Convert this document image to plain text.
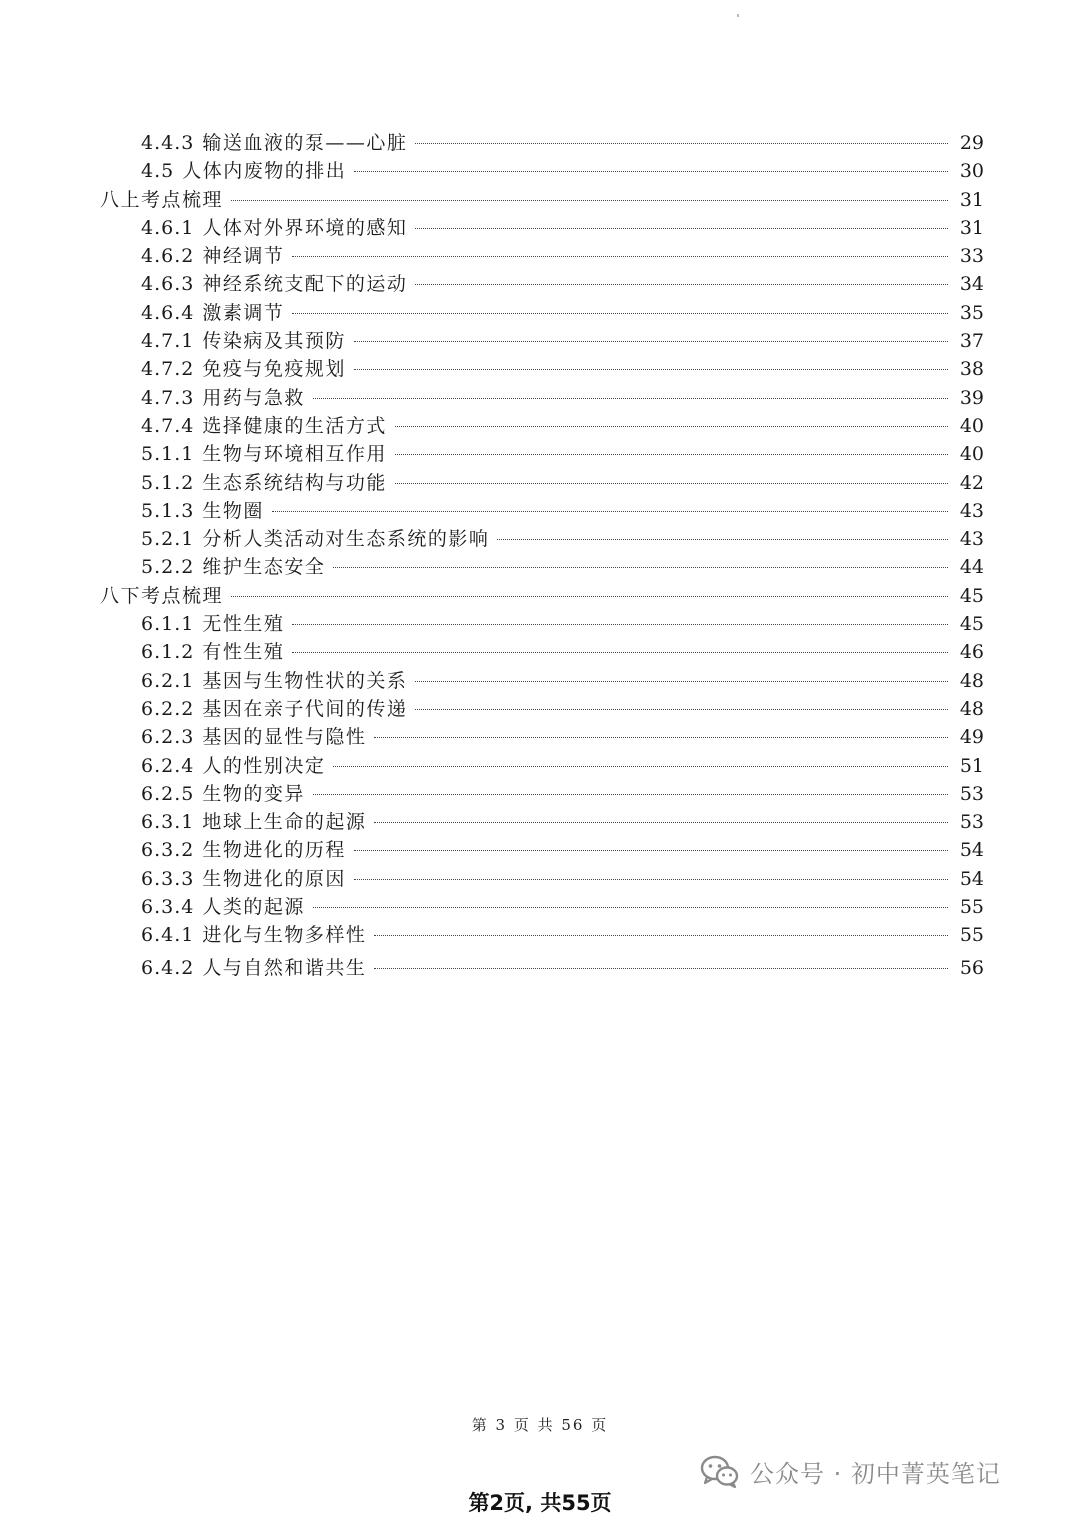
4.4.3 输送血液的泵——心脏	29
4.5 人体内废物的排出	30
八上考点梳理	31
4.6.1 人体对外界环境的感知	31
4.6.2 神经调节	33
4.6.3 神经系统支配下的运动	34
4.6.4 激素调节	35
4.7.1 传染病及其预防	37
4.7.2 免疫与免疫规划	38
4.7.3 用药与急救	39
4.7.4 选择健康的生活方式	40
5.1.1 生物与环境相互作用	40
5.1.2 生态系统结构与功能	42
5.1.3 生物圈	43
5.2.1 分析人类活动对生态系统的影响	43
5.2.2 维护生态安全	44
八下考点梳理	45
6.1.1 无性生殖	45
6.1.2 有性生殖	46
6.2.1 基因与生物性状的关系	48
6.2.2 基因在亲子代间的传递	48
6.2.3 基因的显性与隐性	49
6.2.4 人的性别决定	51
6.2.5 生物的变异	53
6.3.1 地球上生命的起源	53
6.3.2 生物进化的历程	54
6.3.3 生物进化的原因	54
6.3.4 人类的起源	55
6.4.1 进化与生物多样性	55
6.4.2 人与自然和谐共生	56
第 3 页 共 56 页
公众号 · 初中菁英笔记
第2页, 共55页
